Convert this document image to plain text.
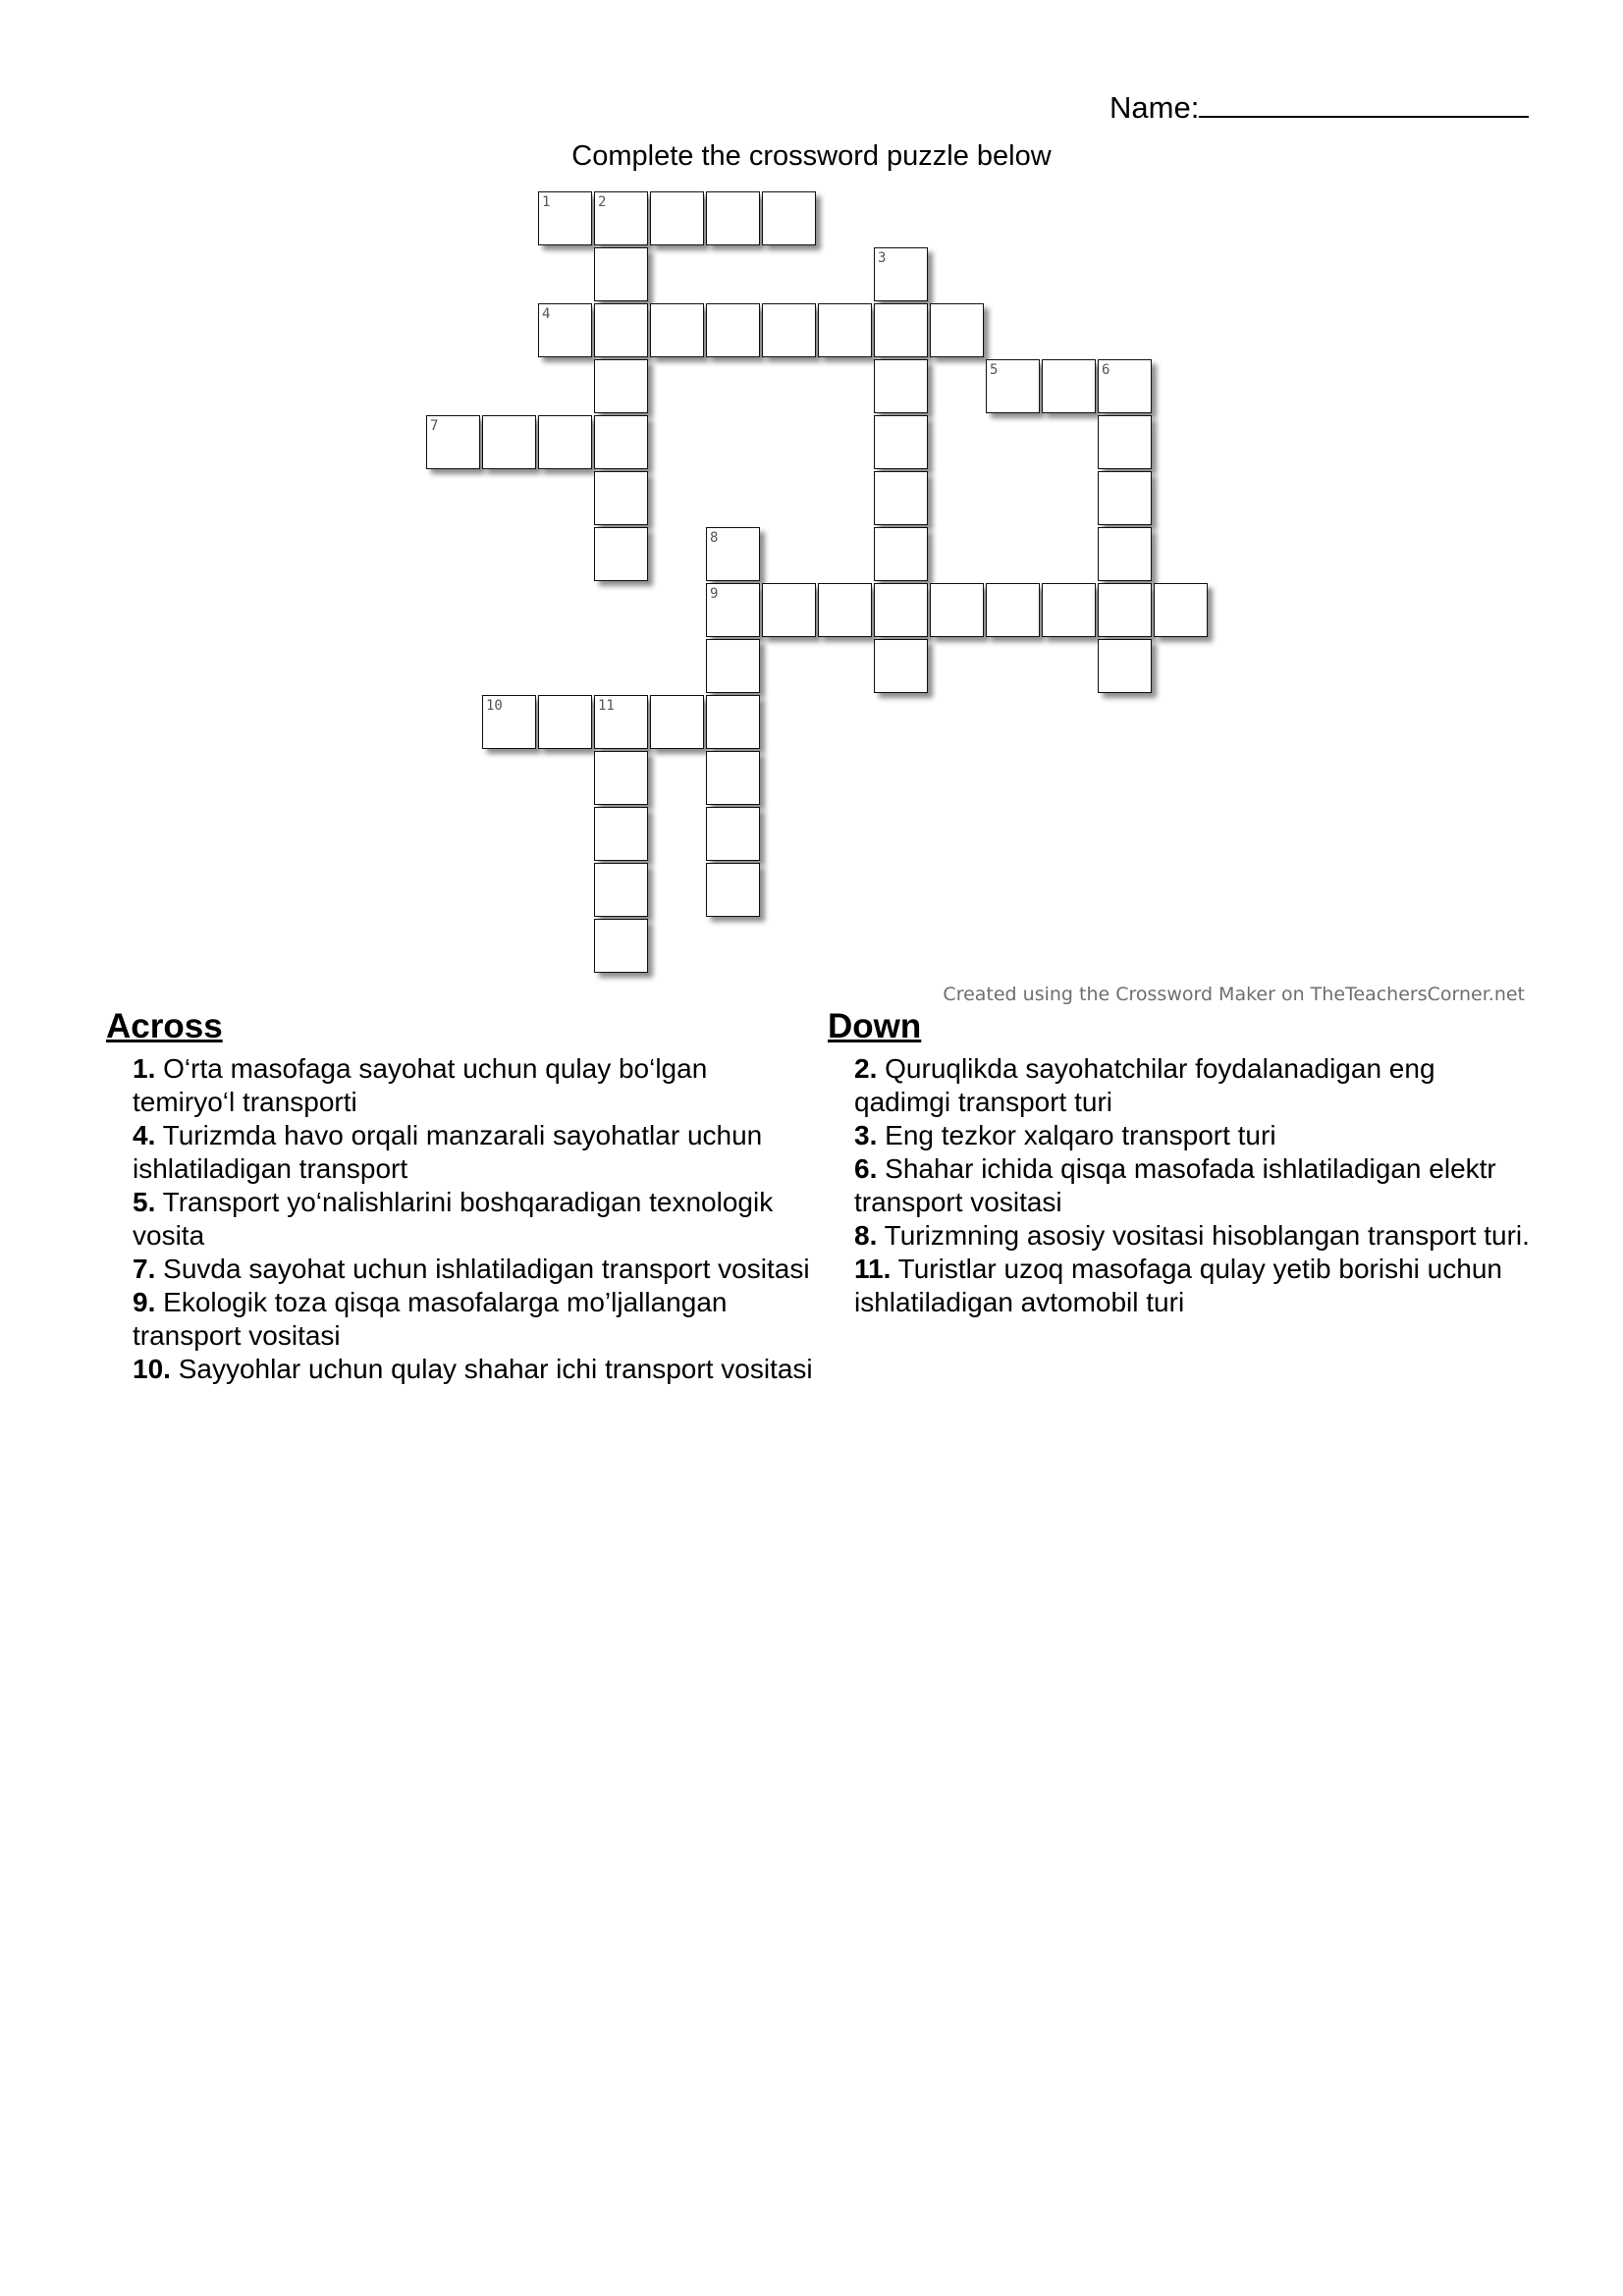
Name:
Complete the crossword puzzle below
1	2
3
4
5	6
7
8
9
10	11
Created using the Crossword Maker on TheTeachersCorner.net
Across
1. O‘rta masofaga sayohat uchun qulay bo‘lgan temiryo‘l transporti
4. Turizmda havo orqali manzarali sayohatlar uchun ishlatiladigan transport
5. Transport yo‘nalishlarini boshqaradigan texnologik vosita
7. Suvda sayohat uchun ishlatiladigan transport vositasi
9. Ekologik toza qisqa masofalarga mo’ljallangan transport vositasi
10. Sayyohlar uchun qulay shahar ichi transport vositasi
Down
2. Quruqlikda sayohatchilar foydalanadigan eng qadimgi transport turi
3. Eng tezkor xalqaro transport turi
6. Shahar ichida qisqa masofada ishlatiladigan elektr transport vositasi
8. Turizmning asosiy vositasi hisoblangan transport turi.
11. Turistlar uzoq masofaga qulay yetib borishi uchun ishlatiladigan avtomobil turi
